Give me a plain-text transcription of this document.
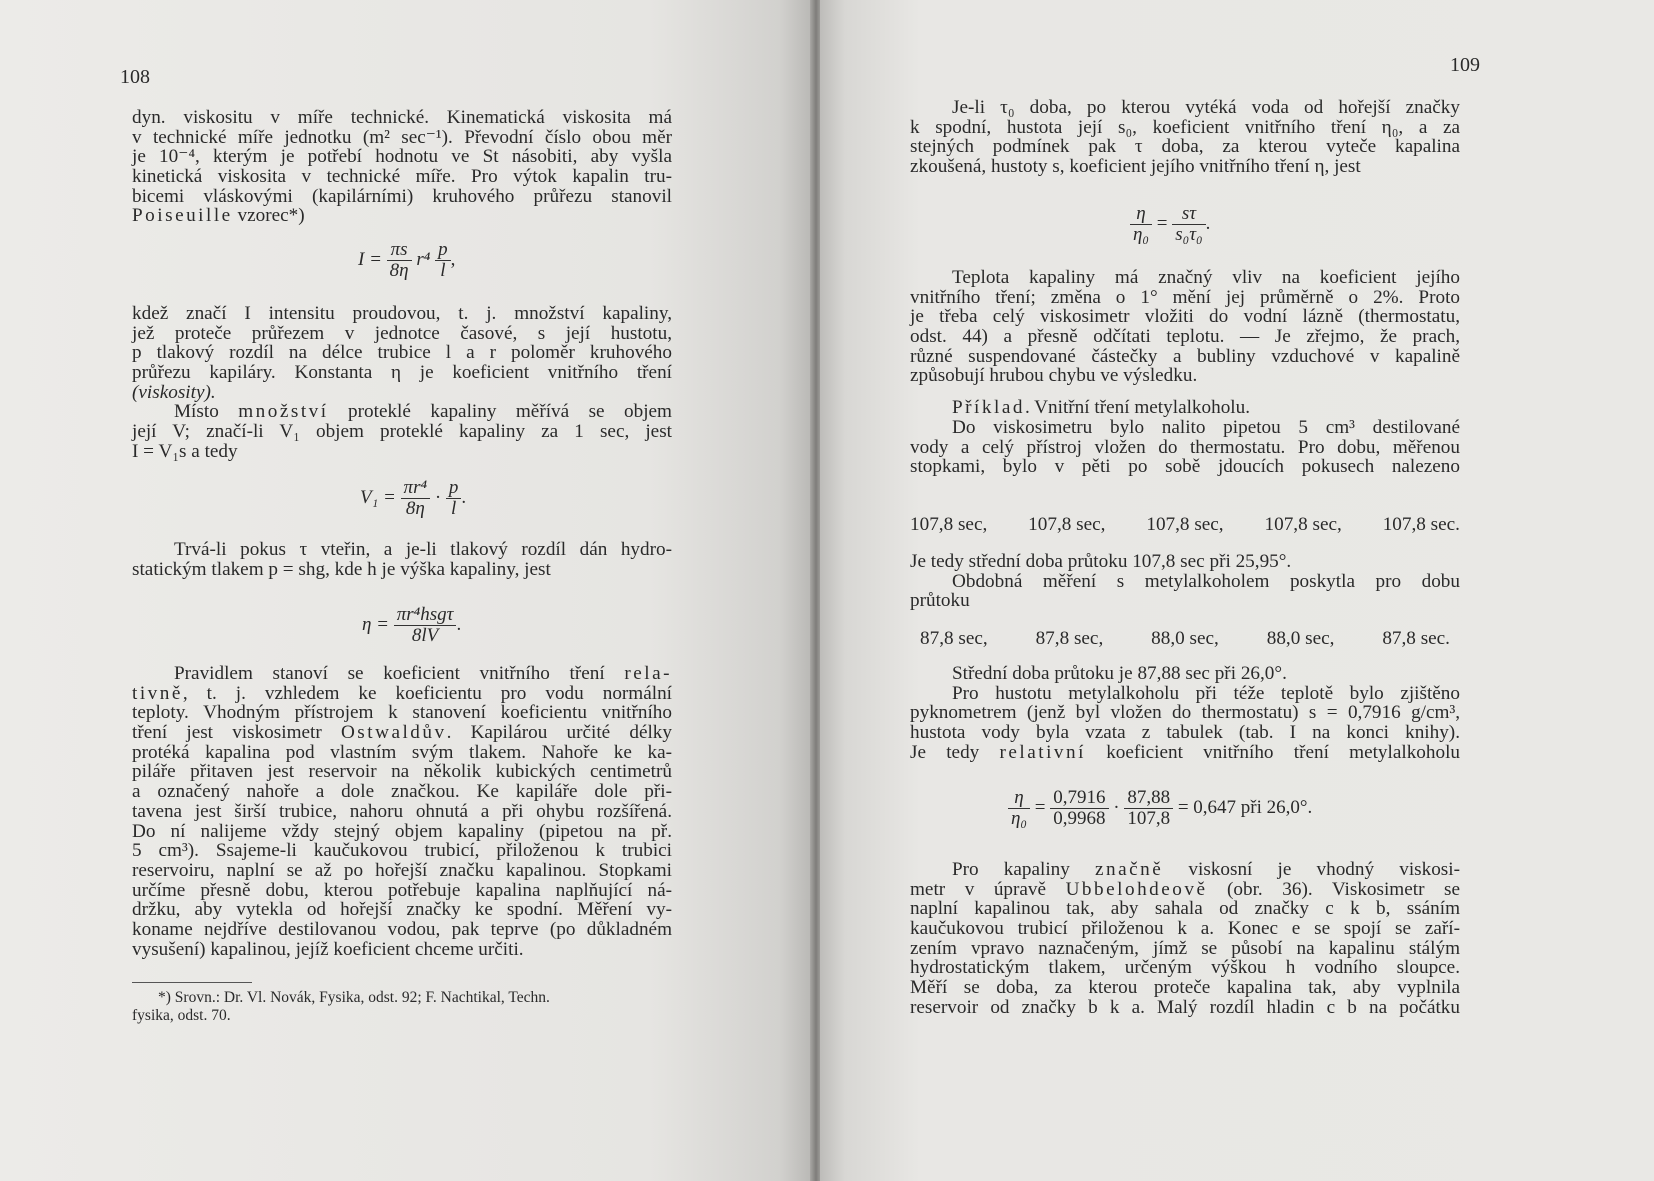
108
dyn. viskositu v míře technické. Kinematická viskosita má
v technické míře jednotku (m² sec⁻¹). Převodní číslo obou měr
je 10⁻⁴, kterým je potřebí hodnotu ve St násobiti, aby vyšla
kinetická viskosita v technické míře. Pro výtok kapalin tru-
bicemi vláskovými (kapilárními) kruhového průřezu stanovil
Poiseuille vzorec*)
$I = \frac{\pi s}{8\eta} r^4 \frac{p}{l}$ ,
kdež značí I intensitu proudovou, t. j. množství kapaliny,
jež proteče průřezem v jednotce časové, s její hustotu,
p tlakový rozdíl na délce trubice l a r poloměr kruhového
průřezu kapiláry. Konstanta η je koeficient vnitřního tření
(viskosity).
Místo množství proteklé kapaliny měřívá se objem
její V; značí-li V₁ objem proteklé kapaliny za 1 sec, jest
I = V₁s a tedy
$V_1 = \frac{\text{πr⁴}}{8\eta} \cdot \frac{p}{l}$ .
Trvá-li pokus τ vteřin, a je-li tlakový rozdíl dán hydro-
statickým tlakem p = shg, kde h je výška kapaliny, jest
$\eta = \frac{\text{πr⁴hsgτ}}{8lV}$ .
Pravidlem stanoví se koeficient vnitřního tření rela-
tivně, t. j. vzhledem ke koeficientu pro vodu normální
teploty. Vhodným přístrojem k stanovení koeficientu vnitřního
tření jest viskosimetr Ostwaldův. Kapilárou určité délky
protéká kapalina pod vlastním svým tlakem. Nahoře ke ka-
piláře přitaven jest reservoir na několik kubických centimetrů
a označený nahoře a dole značkou. Ke kapiláře dole při-
tavena jest širší trubice, nahoru ohnutá a při ohybu rozšířená.
Do ní nalijeme vždy stejný objem kapaliny (pipetou na př.
5 cm³). Ssajeme-li kaučukovou trubicí, přiloženou k trubici
reservoiru, naplní se až po hořejší značku kapalinou. Stopkami
určíme přesně dobu, kterou potřebuje kapalina naplňující ná-
držku, aby vytekla od hořejší značky ke spodní. Měření vy-
koname nejdříve destilovanou vodou, pak teprve (po důkladném
vysušení) kapalinou, jejíž koeficient chceme určiti.
*) Srovn.: Dr. Vl. Novák, Fysika, odst. 92; F. Nachtikal, Techn.
fysika, odst. 70.
109
Je-li τ₀ doba, po kterou vytéká voda od hořejší značky
k spodní, hustota její s₀, koeficient vnitřního tření η₀, a za
stejných podmínek pak τ doba, za kterou vyteče kapalina
zkoušená, hustoty s, koeficient jejího vnitřního tření η, jest
$\frac{\eta}{\text{η₀}} = \frac{s\tau}{\text{s₀τ₀}}$ .
Teplota kapaliny má značný vliv na koeficient jejího
vnitřního tření; změna o 1° mění jej průměrně o 2%. Proto
je třeba celý viskosimetr vložiti do vodní lázně (thermostatu,
odst. 44) a přesně odčítati teplotu. — Je zřejmo, že prach,
různé suspendované částečky a bubliny vzduchové v kapalině
způsobují hrubou chybu ve výsledku.
Příklad. Vnitřní tření metylalkoholu.
Do viskosimetru bylo nalito pipetou 5 cm³ destilované
vody a celý přístroj vložen do thermostatu. Pro dobu, měřenou
stopkami, bylo v pěti po sobě jdoucích pokusech nalezeno
107,8 sec, 107,8 sec, 107,8 sec, 107,8 sec, 107,8 sec.
Je tedy střední doba průtoku 107,8 sec při 25,95°.
Obdobná měření s metylalkoholem poskytla pro dobu
průtoku
87,8 sec, 87,8 sec, 88,0 sec, 88,0 sec, 87,8 sec.
Střední doba průtoku je 87,88 sec při 26,0°.
Pro hustotu metylalkoholu při téže teplotě bylo zjištěno
pyknometrem (jenž byl vložen do thermostatu) s = 0,7916 g/cm³,
hustota vody byla vzata z tabulek (tab. I na konci knihy).
Je tedy relativní koeficient vnitřního tření metylalkoholu
$\frac{\eta}{\text{η₀}} = \frac{0,7916}{0,9968} \cdot \frac{87,88}{107,8} = 0,647$ při 26,0°.
Pro kapaliny značně viskosní je vhodný viskosi-
metr v úpravě Ubbelohdeově (obr. 36). Viskosimetr se
naplní kapalinou tak, aby sahala od značky c k b, ssáním
kaučukovou trubicí přiloženou k a. Konec e se spojí se zaří-
zením vpravo naznačeným, jímž se působí na kapalinu stálým
hydrostatickým tlakem, určeným výškou h vodního sloupce.
Měří se doba, za kterou proteče kapalina tak, aby vyplnila
reservoir od značky b k a. Malý rozdíl hladin c b na počátku
